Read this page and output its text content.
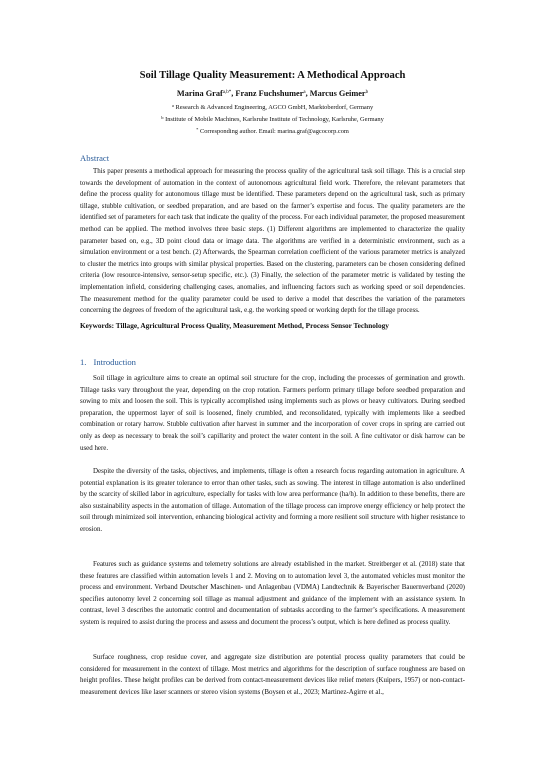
Soil Tillage Quality Measurement: A Methodical Approach
Marina Graf$^{a,b*}$, Franz Fuchshumer$^a$, Marcus Geimer$^b$
$^a$ Research & Advanced Engineering, AGCO GmbH, Marktoberdorf, Germany
$^b$ Institute of Mobile Machines, Karlsruhe Institute of Technology, Karlsruhe, Germany
* Corresponding author. Email: marina.graf@agcocorp.com
Abstract

This paper presents a methodical approach for measuring the process quality of the agricultural task soil tillage. This is a crucial step towards the development of automation in the context of autonomous agricultural field work. Therefore, the relevant parameters that define the process quality for autonomous tillage must be identified. These parameters depend on the agricultural task, such as primary tillage, stubble cultivation, or seedbed preparation, and are based on the farmer’s expertise and focus. The quality parameters are the identified set of parameters for each task that indicate the quality of the process. For each individual parameter, the proposed measurement method can be applied. The method involves three basic steps. (1) Different algorithms are implemented to characterize the quality parameter based on, e.g., 3D point cloud data or image data. The algorithms are verified in a deterministic environment, such as a simulation environment or a test bench. (2) Afterwards, the Spearman correlation coefficient of the various parameter metrics is analyzed to cluster the metrics into groups with similar physical properties. Based on the clustering, parameters can be chosen considering defined criteria (low resource-intensive, sensor-setup specific, etc.). (3) Finally, the selection of the parameter metric is validated by testing the implementation infield, considering challenging cases, anomalies, and influencing factors such as working speed or soil dependencies. The measurement method for the quality parameter could be used to derive a model that describes the variation of the parameters concerning the degrees of freedom of the agricultural task, e.g. the working speed or working depth for the tillage process.

Keywords: Tillage, Agricultural Process Quality, Measurement Method, Process Sensor Technology

1. Introduction

Soil tillage in agriculture aims to create an optimal soil structure for the crop, including the processes of germination and growth. Tillage tasks vary throughout the year, depending on the crop rotation. Farmers perform primary tillage before seedbed preparation and sowing to mix and loosen the soil. This is typically accomplished using implements such as plows or heavy cultivators. During seedbed preparation, the uppermost layer of soil is loosened, finely crumbled, and reconsolidated, typically with implements like a seedbed combination or rotary harrow. Stubble cultivation after harvest in summer and the incorporation of cover crops in spring are carried out only as deep as necessary to break the soil’s capillarity and protect the water content in the soil. A fine cultivator or disk harrow can be used here.

Despite the diversity of the tasks, objectives, and implements, tillage is often a research focus regarding automation in agriculture. A potential explanation is its greater tolerance to error than other tasks, such as sowing. The interest in tillage automation is also underlined by the scarcity of skilled labor in agriculture, especially for tasks with low area performance (ha/h). In addition to these benefits, there are also sustainability aspects in the automation of tillage. Automation of the tillage process can improve energy efficiency or help protect the soil through minimized soil intervention, enhancing biological activity and forming a more resilient soil structure with higher resistance to erosion.

Features such as guidance systems and telemetry solutions are already established in the market. Streitberger et al. (2018) state that these features are classified within automation levels 1 and 2. Moving on to automation level 3, the automated vehicles must monitor the process and environment. Verband Deutscher Maschinen- und Anlagenbau (VDMA) Landtechnik & Bayerischer Bauernverband (2020) specifies autonomy level 2 concerning soil tillage as manual adjustment and guidance of the implement with an assistance system. In contrast, level 3 describes the automatic control and documentation of subtasks according to the farmer’s specifications. A measurement system is required to assist during the process and assess and document the process’s output, which is here defined as process quality.

Surface roughness, crop residue cover, and aggregate size distribution are potential process quality parameters that could be considered for measurement in the context of tillage. Most metrics and algorithms for the description of surface roughness are based on height profiles. These height profiles can be derived from contact-measurement devices like relief meters (Kuipers, 1957) or non-contact-measurement devices like laser scanners or stereo vision systems (Boysen et al., 2023; Martinez-Agirre et al.,
